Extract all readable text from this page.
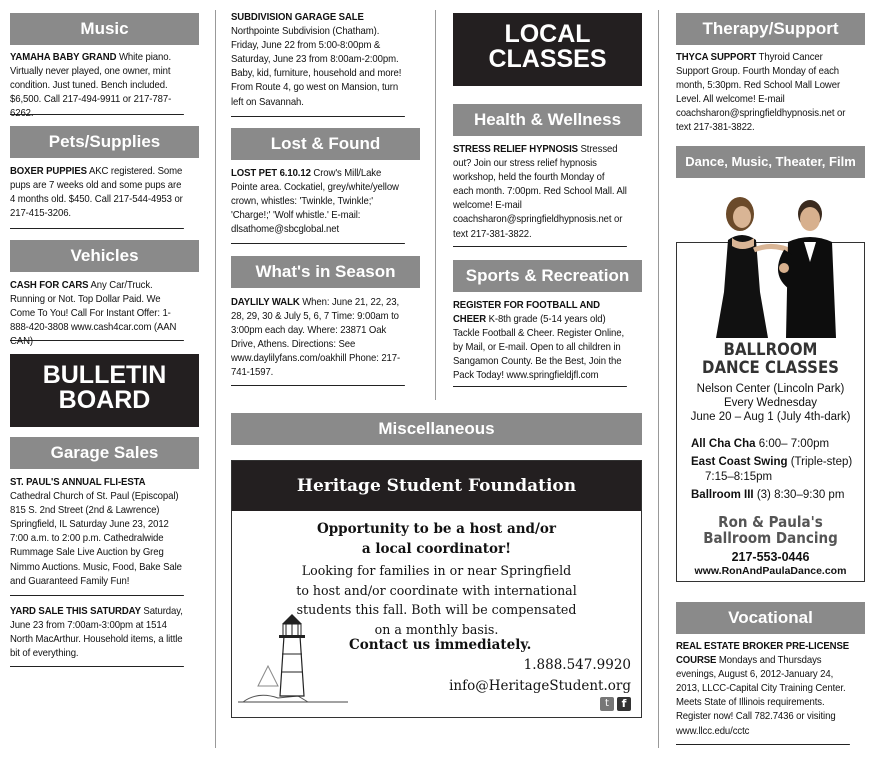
Music
YAMAHA BABY GRAND White piano. Virtually never played, one owner, mint condition. Just tuned. Bench included. $6,500. Call 217-494-9911 or 217-787-6262.
Pets/Supplies
BOXER PUPPIES AKC registered. Some pups are 7 weeks old and some pups are 4 months old. $450. Call 217-544-4953 or 217-415-3206.
Vehicles
CASH FOR CARS Any Car/Truck. Running or Not. Top Dollar Paid. We Come To You! Call For Instant Offer: 1-888-420-3808 www.cash4car.com (AAN CAN)
BULLETIN
BOARD
Garage Sales
ST. PAUL'S ANNUAL FLI-ESTA Cathedral Church of St. Paul (Episcopal) 815 S. 2nd Street (2nd & Lawrence) Springfield, IL Saturday June 23, 2012 7:00 a.m. to 2:00 p.m. Cathedralwide Rummage Sale Live Auction by Greg Nimmo Auctions. Music, Food, Bake Sale and Guaranteed Family Fun!
YARD SALE THIS SATURDAY Saturday, June 23 from 7:00am-3:00pm at 1514 North MacArthur. Household items, a little bit of everything.
SUBDIVISION GARAGE SALE
Northpointe Subdivision (Chatham). Friday, June 22 from 5:00-8:00pm & Saturday, June 23 from 8:00am-2:00pm. Baby, kid, furniture, household and more! From Route 4, go west on Mansion, turn left on Savannah.
Lost & Found
LOST PET 6.10.12 Crow's Mill/Lake Pointe area. Cockatiel, grey/white/yellow crown, whistles: 'Twinkle, Twinkle;' 'Charge!;' 'Wolf whistle.' E-mail: dlsathome@sbcglobal.net
What's in Season
DAYLILY WALK When: June 21, 22, 23, 28, 29, 30 & July 5, 6, 7 Time: 9:00am to 3:00pm each day. Where: 23871 Oak Drive, Athens. Directions: See www.daylilyfans.com/oakhill Phone: 217-741-1597.
LOCAL
CLASSES
Health & Wellness
STRESS RELIEF HYPNOSIS Stressed out? Join our stress relief hypnosis workshop, held the fourth Monday of each month. 7:00pm. Red School Mall. All welcome! E-mail coachsharon@springfieldhypnosis.net or text 217-381-3822.
Sports & Recreation
REGISTER FOR FOOTBALL AND CHEER K-8th grade (5-14 years old) Tackle Football & Cheer. Register Online, by Mail, or E-mail. Open to all children in Sangamon County. Be the Best, Join the Pack Today! www.springfieldjfl.com
Miscellaneous
Heritage Student Foundation
Opportunity to be a host and/or
a local coordinator!
Looking for families in or near Springfield
to host and/or coordinate with international
students this fall. Both will be compensated
on a monthly basis.
Contact us immediately.
1.888.547.9920
info@HeritageStudent.org
t	f
Therapy/Support
THYCA SUPPORT Thyroid Cancer Support Group. Fourth Monday of each month, 5:30pm. Red School Mall Lower Level. All welcome! E-mail coachsharon@springfieldhypnosis.net or text 217-381-3822.
Dance, Music, Theater, Film
BALLROOM
DANCE CLASSES
Nelson Center (Lincoln Park)
Every Wednesday
June 20 – Aug 1 (July 4th-dark)
All Cha Cha 6:00– 7:00pm
East Coast Swing (Triple-step)
7:15–8:15pm
Ballroom III (3) 8:30–9:30 pm
Ron & Paula's
Ballroom Dancing
217-553-0446
www.RonAndPaulaDance.com
Vocational
REAL ESTATE BROKER PRE-LICENSE COURSE Mondays and Thursdays evenings, August 6, 2012-January 24, 2013, LLCC-Capital City Training Center. Meets State of Illinois requirements. Register now! Call 782.7436 or visiting www.llcc.edu/cctc
